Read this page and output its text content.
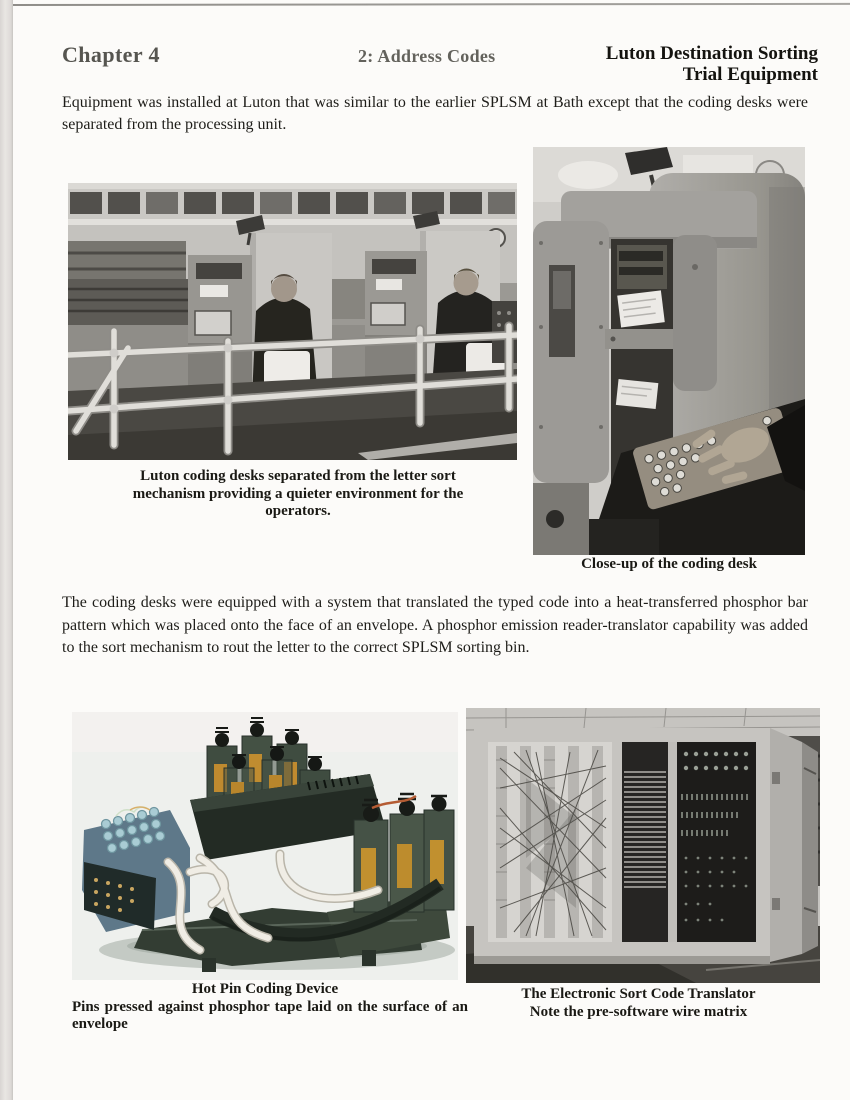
Chapter 4	2: Address Codes	Luton Destination Sorting
Trial Equipment

Equipment was installed at Luton that was similar to the earlier SPLSM at Bath except that the coding desks were separated from the processing unit.

Luton coding desks separated from the letter sort mechanism providing a quieter environment for the operators.
Close-up of the coding desk

The coding desks were equipped with a system that translated the typed code into a heat-transferred phosphor bar pattern which was placed onto the face of an envelope. A phosphor emission reader-translator capability was added to the sort mechanism to rout the letter to the correct SPLSM sorting bin.

Hot Pin Coding Device
Pins pressed against phosphor tape laid on the surface of an envelope
The Electronic Sort Code Translator
Note the pre-software wire matrix
